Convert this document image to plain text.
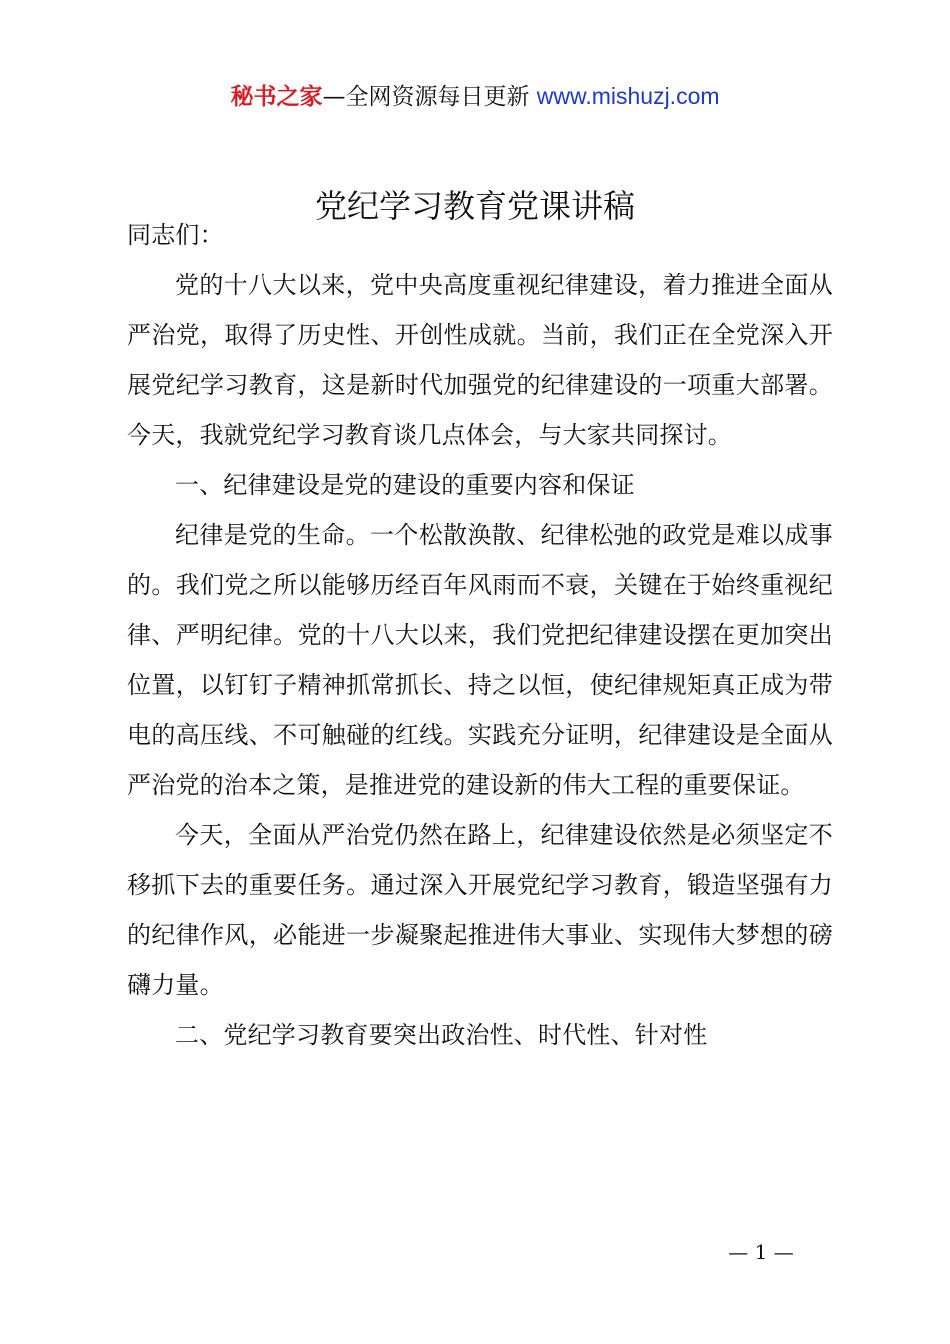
秘书之家—全网资源每日更新 www.mishuzj.com
党纪学习教育党课讲稿

同志们：

党的十八大以来，党中央高度重视纪律建设，着力推进全面从严治党，取得了历史性、开创性成就。当前，我们正在全党深入开展党纪学习教育，这是新时代加强党的纪律建设的一项重大部署。今天，我就党纪学习教育谈几点体会，与大家共同探讨。

一、纪律建设是党的建设的重要内容和保证

纪律是党的生命。一个松散涣散、纪律松弛的政党是难以成事的。我们党之所以能够历经百年风雨而不衰，关键在于始终重视纪律、严明纪律。党的十八大以来，我们党把纪律建设摆在更加突出位置，以钉钉子精神抓常抓长、持之以恒，使纪律规矩真正成为带电的高压线、不可触碰的红线。实践充分证明，纪律建设是全面从严治党的治本之策，是推进党的建设新的伟大工程的重要保证。

今天，全面从严治党仍然在路上，纪律建设依然是必须坚定不移抓下去的重要任务。通过深入开展党纪学习教育，锻造坚强有力的纪律作风，必能进一步凝聚起推进伟大事业、实现伟大梦想的磅礴力量。

二、党纪学习教育要突出政治性、时代性、针对性

— 1 —
